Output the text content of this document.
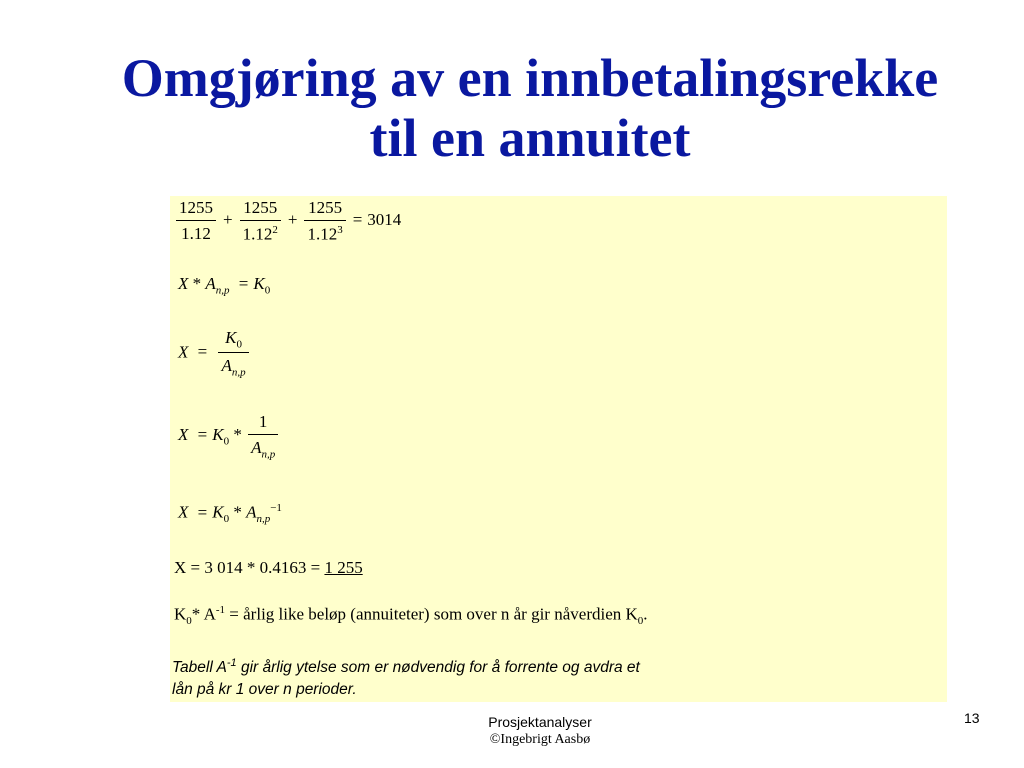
Omgjøring av en innbetalingsrekke
til en annuitet
$\frac{1255}{1.12} + \frac{1255}{1.12^2} + \frac{1255}{1.12^3} = 3014$
$X * A_{n,p} = K_0$
$X = \frac{K_0}{A_{n,p}}$
$X = K_0 * \frac{1}{A_{n,p}}$
$X = K_0 * A_{n,p}^{-1}$
X = 3 014 * 0.4163 = 1 255
$K_0*$ $A^{-1}$ = årlig like beløp (annuiteter) som over n år gir nåverdien $K_0$.
Tabell $A^{-1}$ gir årlig ytelse som er nødvendig for å forrente og avdra et
lån på kr 1 over n perioder.
Prosjektanalyser
©Ingebrigt Aasbø
13
